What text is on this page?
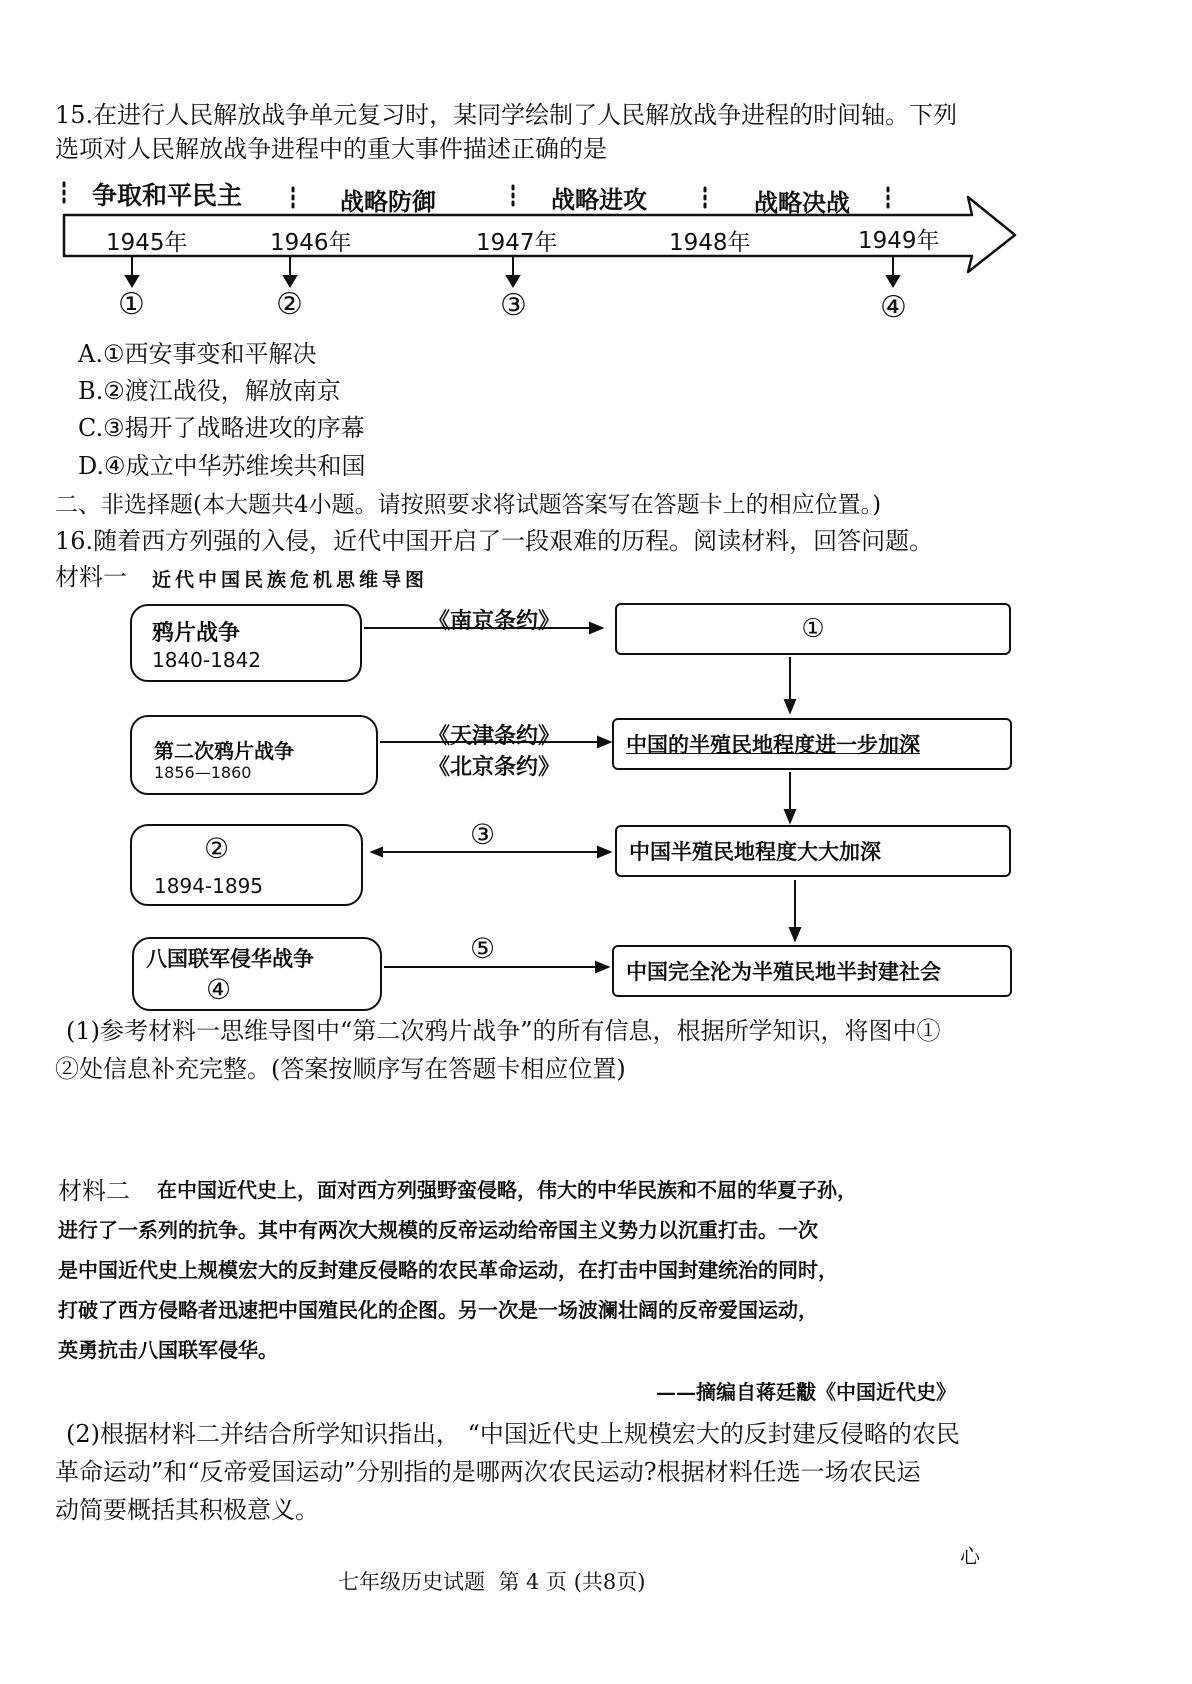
15.在进行人民解放战争单元复习时，某同学绘制了人民解放战争进程的时间轴。下列
选项对人民解放战争进程中的重大事件描述正确的是
争取和平民主	战略防御	战略进攻	战略决战
1945年	1946年	1947年	1948年	1949年
①	②	③	④
A.①西安事变和平解决
B.②渡江战役，解放南京
C.③揭开了战略进攻的序幕
D.④成立中华苏维埃共和国
二、非选择题(本大题共4小题。请按照要求将试题答案写在答题卡上的相应位置。)
16.随着西方列强的入侵，近代中国开启了一段艰难的历程。阅读材料，回答问题。
材料一 近代中国民族危机思维导图
鸦片战争
1840-1842
第二次鸦片战争
1856—1860
②
1894-1895
八国联军侵华战争
④
①
中国的半殖民地程度进一步加深
中国半殖民地程度大大加深
中国完全沦为半殖民地半封建社会
《南京条约》
《天津条约》
《北京条约》
③
⑤
(1)参考材料一思维导图中“第二次鸦片战争”的所有信息，根据所学知识，将图中①
②处信息补充完整。(答案按顺序写在答题卡相应位置)
材料二 在中国近代史上，面对西方列强野蛮侵略，伟大的中华民族和不屈的华夏子孙，
进行了一系列的抗争。其中有两次大规模的反帝运动给帝国主义势力以沉重打击。一次
是中国近代史上规模宏大的反封建反侵略的农民革命运动，在打击中国封建统治的同时，
打破了西方侵略者迅速把中国殖民化的企图。另一次是一场波澜壮阔的反帝爱国运动，
英勇抗击八国联军侵华。
——摘编自蒋廷黻《中国近代史》
(2)根据材料二并结合所学知识指出， “中国近代史上规模宏大的反封建反侵略的农民
革命运动”和“反帝爱国运动”分别指的是哪两次农民运动?根据材料任选一场农民运
动简要概括其积极意义。
心
七年级历史试题  第 4 页 (共8页)
